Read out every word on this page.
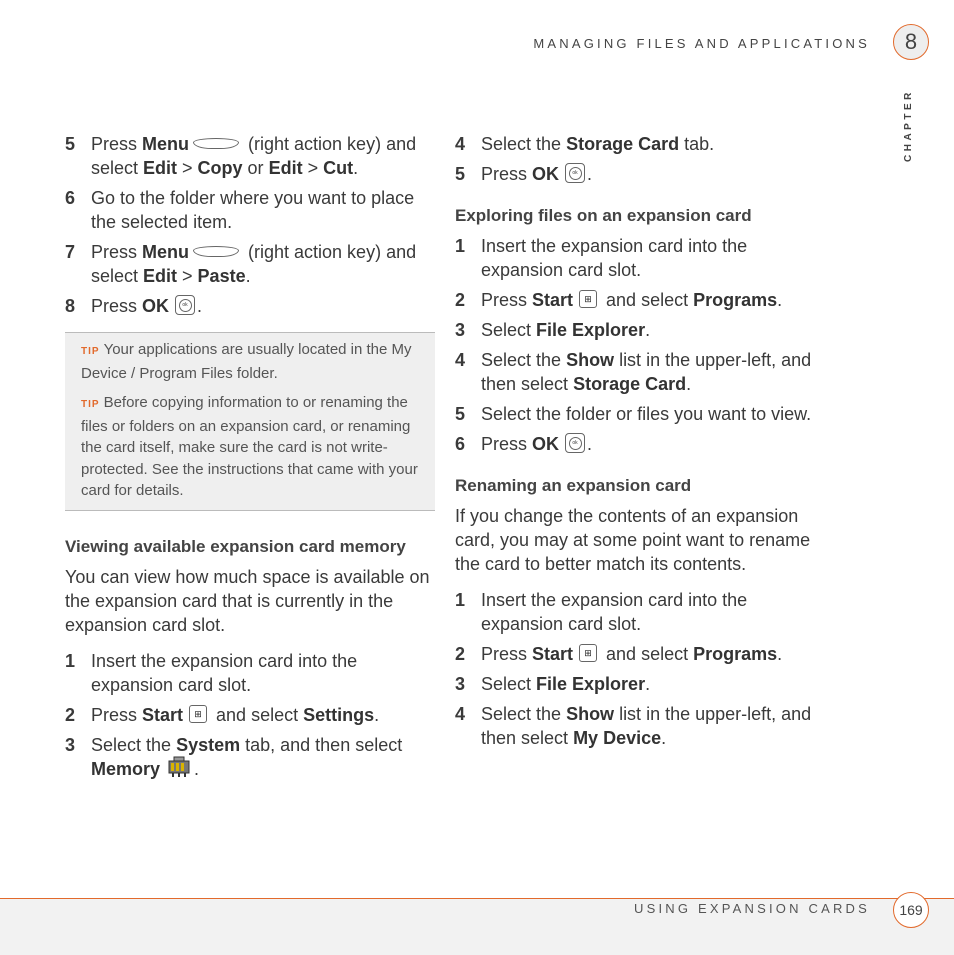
MANAGING FILES AND APPLICATIONS	8
CHAPTER
5 Press Menu	(right action key) and select Edit > Copy or Edit > Cut.
6 Go to the folder where you want to place the selected item.
7 Press Menu	(right action key) and select Edit > Paste.
8 Press OK	ok .

TIP Your applications are usually located in the My Device / Program Files folder.

TIP Before copying information to or renaming the files or folders on an expansion card, or renaming the card itself, make sure the card is not write-protected. See the instructions that came with your card for details.

Viewing available expansion card memory

You can view how much space is available on the expansion card that is currently in the expansion card slot.

1 Insert the expansion card into the expansion card slot.
2 Press Start ⊞ and select Settings.
3 Select the System tab, and then select Memory .
4 Select the Storage Card tab.
5 Press OK	ok .
Exploring files on an expansion card
1 Insert the expansion card into the expansion card slot.
2 Press Start ⊞ and select Programs.
3 Select File Explorer.
4 Select the Show list in the upper-left, and then select Storage Card.
5 Select the folder or files you want to view.
6 Press OK	ok .
Renaming an expansion card

If you change the contents of an expansion card, you may at some point want to rename the card to better match its contents.

1 Insert the expansion card into the expansion card slot.
2 Press Start ⊞ and select Programs.
3 Select File Explorer.
4 Select the Show list in the upper-left, and then select My Device.
USING EXPANSION CARDS	169
